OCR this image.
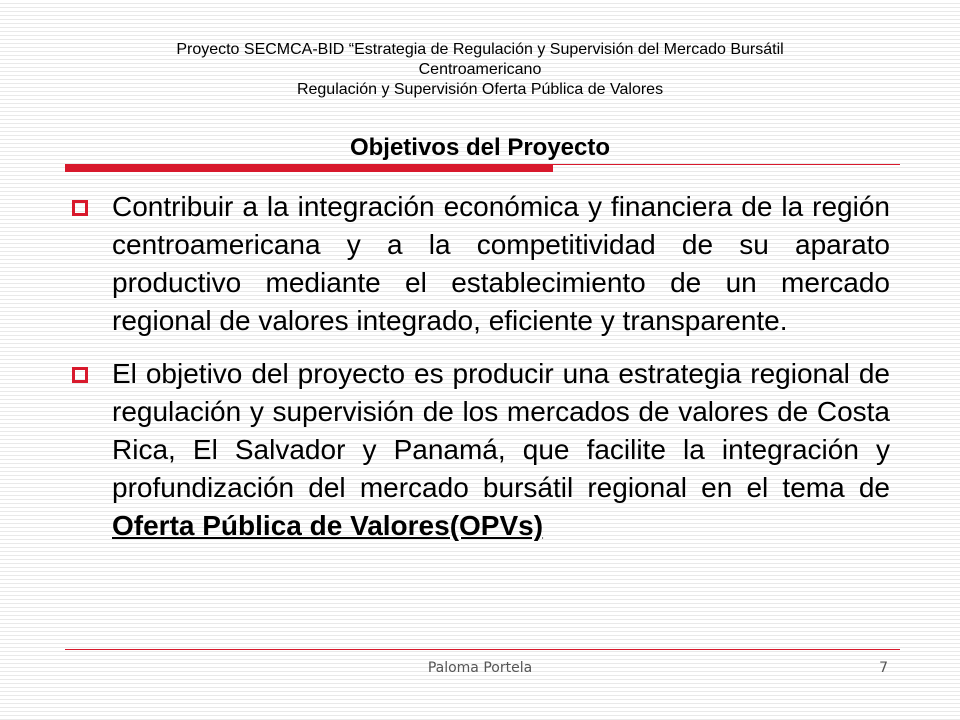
Proyecto SECMCA-BID “Estrategia de Regulación y Supervisión del Mercado Bursátil
Centroamericano
Regulación y Supervisión Oferta Pública de Valores
Objetivos del Proyecto
Contribuir a la integración económica y financiera de la región centroamericana y a la competitividad de su aparato productivo mediante el establecimiento de un mercado regional de valores integrado, eficiente y transparente.
El objetivo del proyecto es producir una estrategia regional de regulación y supervisión de los mercados de valores de Costa Rica, El Salvador y Panamá, que facilite la integración y profundización del mercado bursátil regional en el tema de Oferta Pública de Valores(OPVs)
Paloma Portela	7
